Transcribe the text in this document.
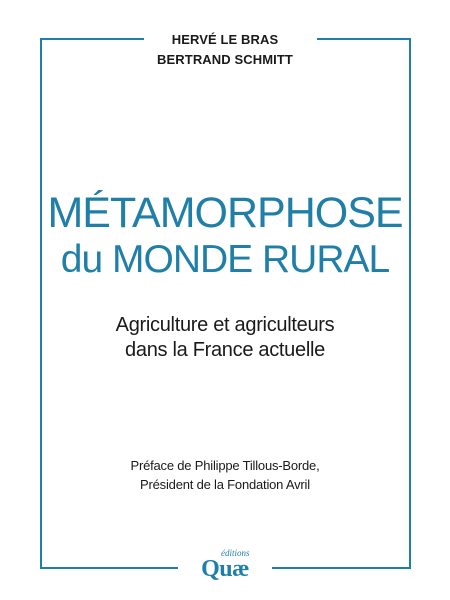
HERVÉ LE BRAS
BERTRAND SCHMITT
MÉTAMORPHOSE
du MONDE RURAL
Agriculture et agriculteurs
dans la France actuelle
Préface de Philippe Tillous-Borde,
Président de la Fondation Avril
éditions
Quæ
